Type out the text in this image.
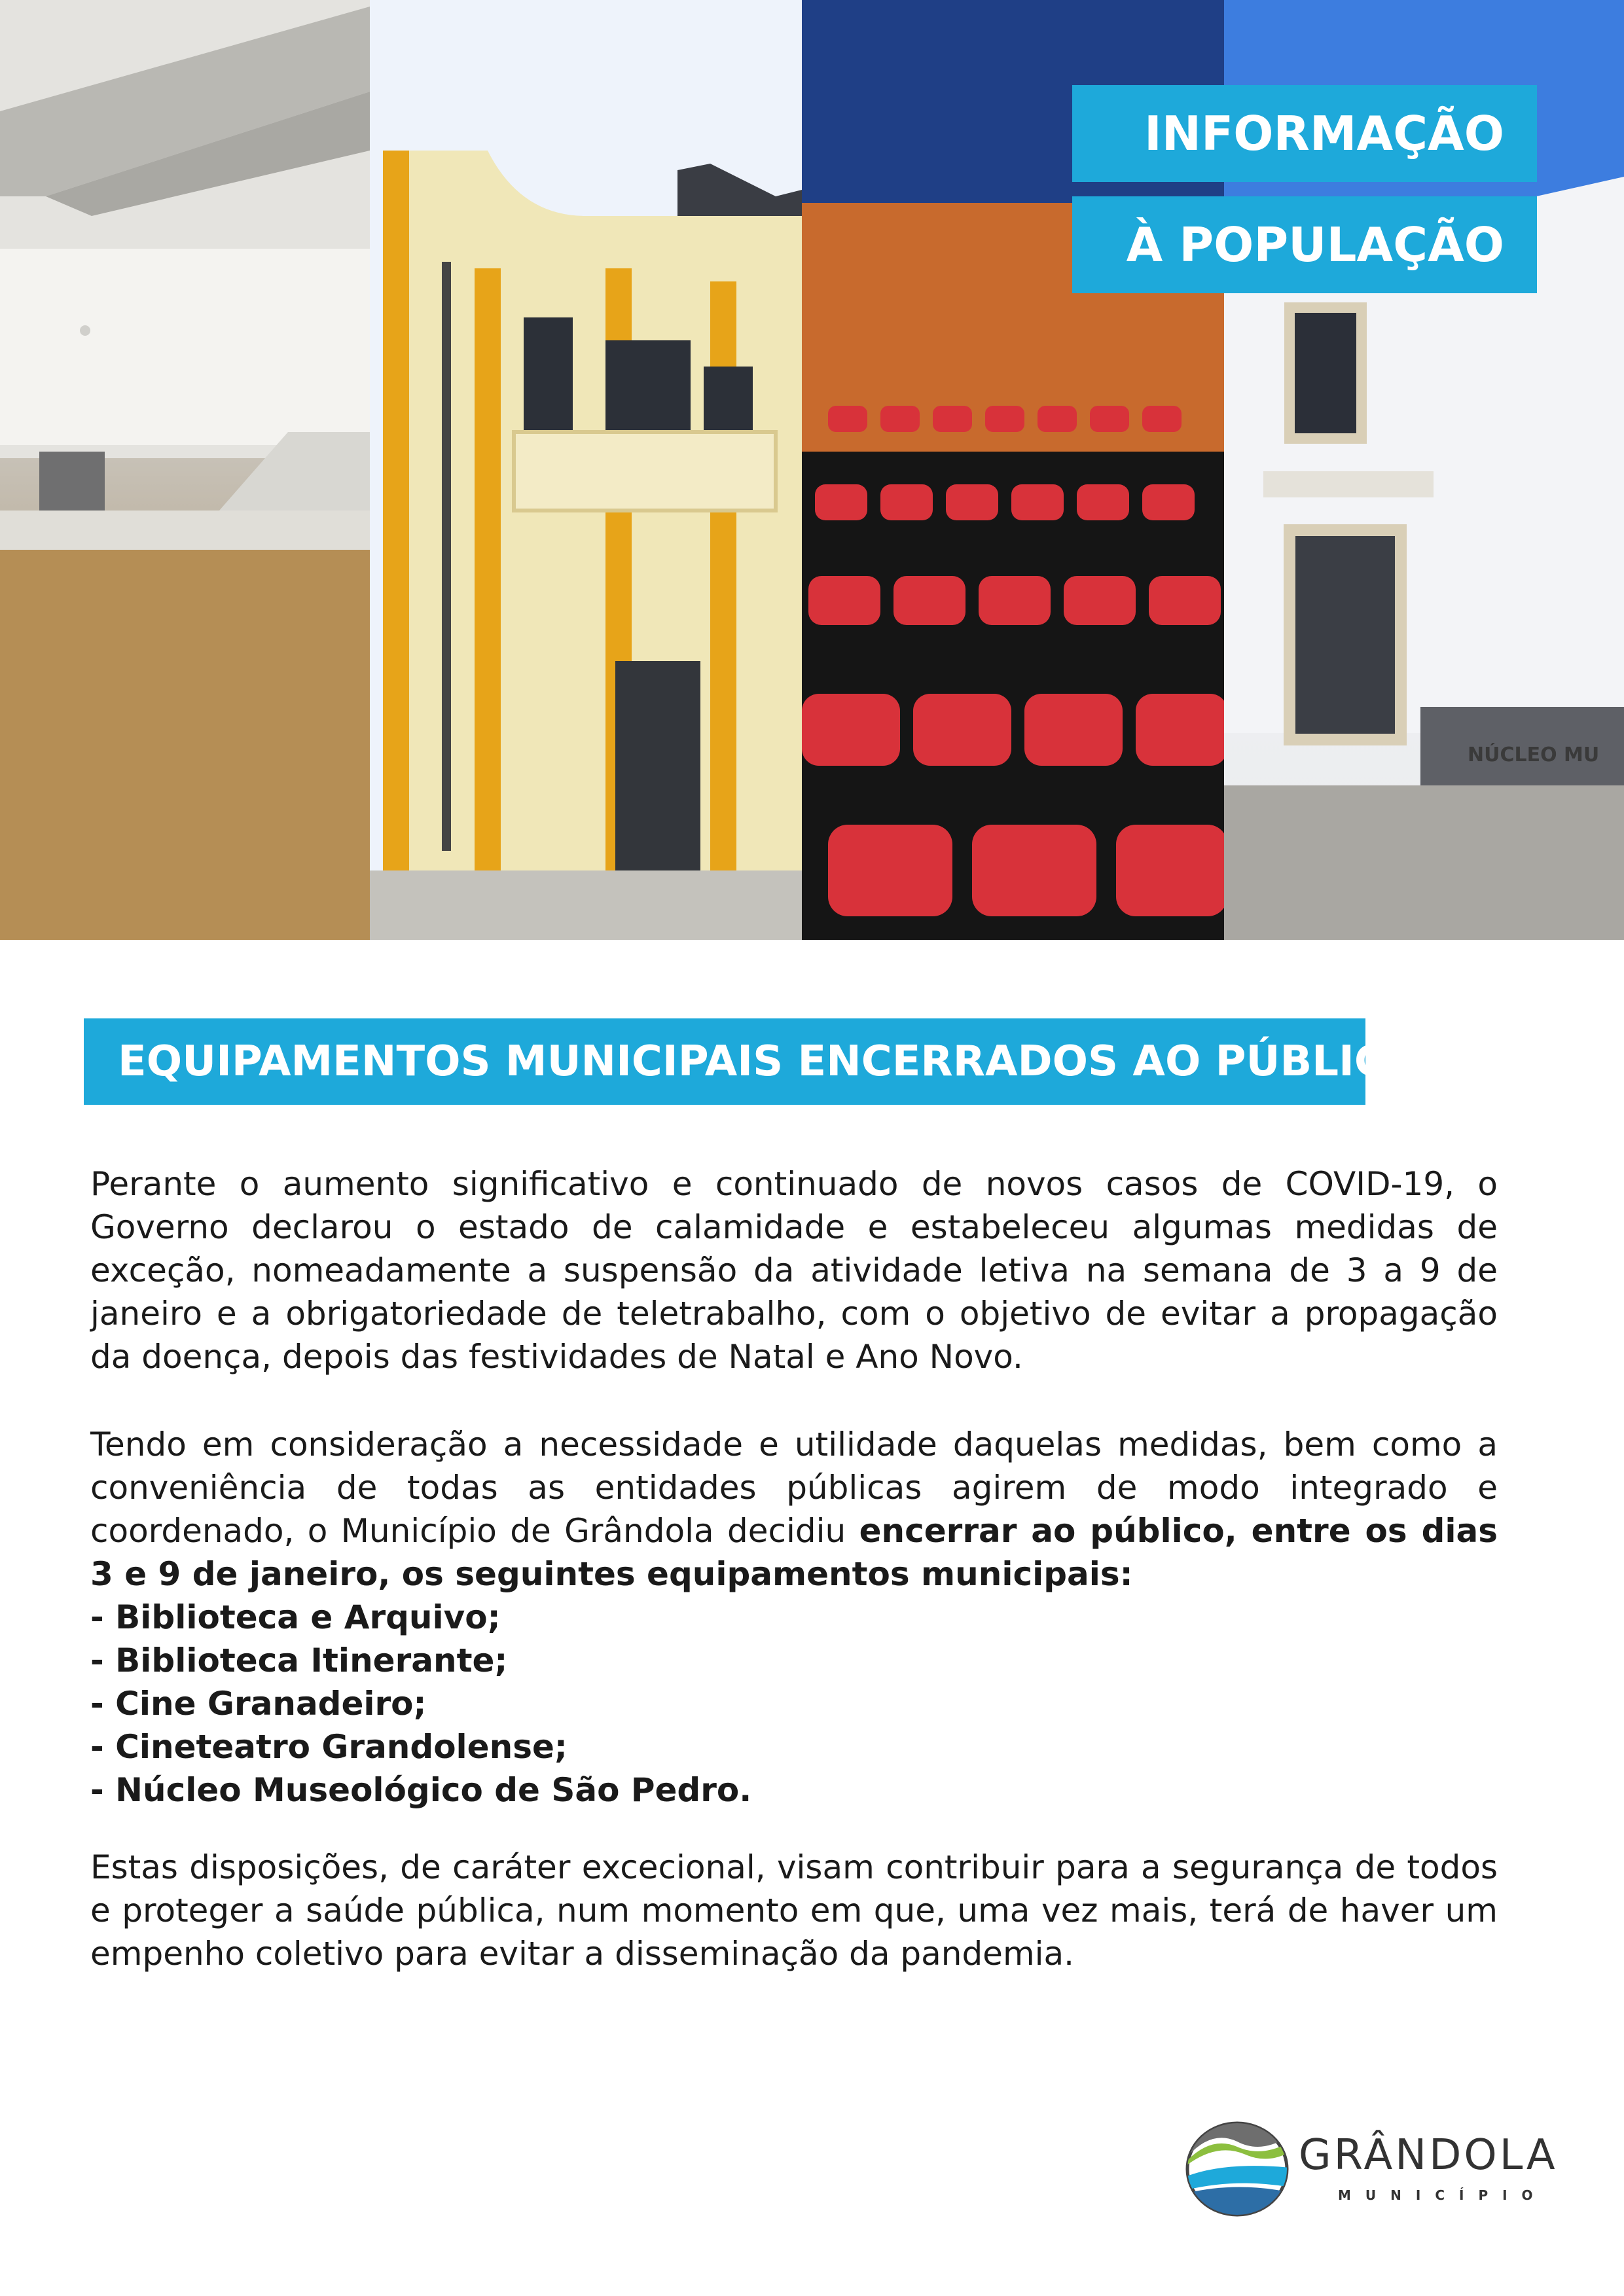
NÚCLEO MU
INFORMAÇÃO
À POPULAÇÃO
EQUIPAMENTOS MUNICIPAIS ENCERRADOS AO PÚBLICO
Perante o aumento significativo e continuado de novos casos de COVID-19, o Governo declarou o estado de calamidade e estabeleceu algumas medidas de exceção, nomeadamente a suspensão da atividade letiva na semana de 3 a 9 de janeiro e a obrigatoriedade de teletrabalho, com o objetivo de evitar a propagação da doença, depois das festividades de Natal e Ano Novo.
Tendo em consideração a necessidade e utilidade daquelas medidas, bem como a conveniência de todas as entidades públicas agirem de modo integrado e coordenado, o Município de Grândola decidiu encerrar ao público, entre os dias 3 e 9 de janeiro, os seguintes equipamentos municipais:
- Biblioteca e Arquivo;
- Biblioteca Itinerante;
- Cine Granadeiro;
- Cineteatro Grandolense;
- Núcleo Museológico de São Pedro.
Estas disposições, de caráter excecional, visam contribuir para a segurança de todos e proteger a saúde pública, num momento em que, uma vez mais, terá de haver um empenho coletivo para evitar a disseminação da pandemia.
GRÂNDOLA
MUNICÍPIO
